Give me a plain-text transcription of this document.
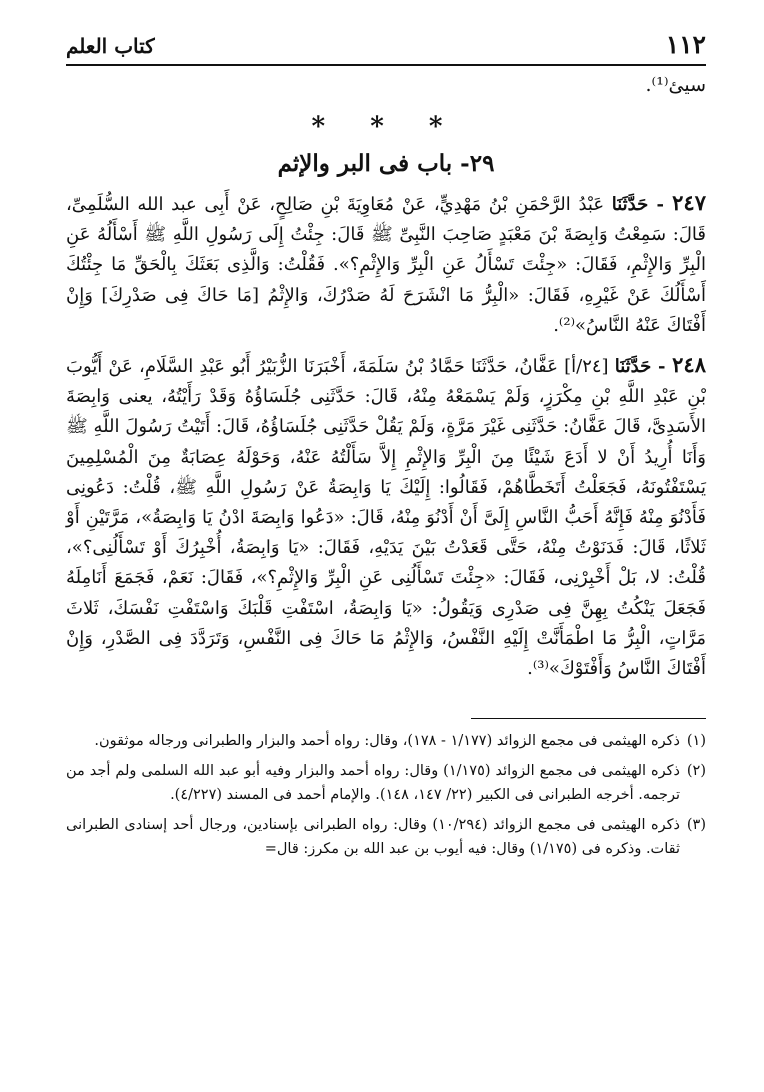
١١٢
كتاب العلم
سيئ⁽¹⁾.
* * *
٢٩- باب فى البر والإثم

٢٤٧ - حَدَّثَنَا عَبْدُ الرَّحْمَنِ بْنُ مَهْدِيٍّ، عَنْ مُعَاوِيَةَ بْنِ صَالِحٍ، عَنْ أَبِى عبد الله السُّلَمِىِّ، قَالَ: سَمِعْتُ وَابِصَةَ بْنَ مَعْبَدٍ صَاحِبَ النَّبِىِّ ﷺ قَالَ: جِئْتُ إِلَى رَسُولِ اللَّهِ ﷺ أَسْأَلُهُ عَنِ الْبِرِّ وَالإِثْمِ، فَقَالَ: «جِئْتَ تَسْأَلُ عَنِ الْبِرِّ وَالإِثْمِ؟». فَقُلْتُ: وَالَّذِى بَعَثَكَ بِالْحَقِّ مَا جِئْتُكَ أَسْأَلُكَ عَنْ غَيْرِهِ، فَقَالَ: «الْبِرُّ مَا انْشَرَحَ لَهُ صَدْرُكَ، وَالإِثْمُ [مَا حَاكَ فِى صَدْرِكَ] وَإِنْ أَفْتَاكَ عَنْهُ النَّاسُ»⁽²⁾.

٢٤٨ - حَدَّثَنَا [٢٤/أ] عَفَّانُ، حَدَّثَنَا حَمَّادُ بْنُ سَلَمَةَ، أَخْبَرَنَا الزُّبَيْرُ أَبُو عَبْدِ السَّلَامِ، عَنْ أَيُّوبَ بْنِ عَبْدِ اللَّهِ بْنِ مِكْرَزٍ، وَلَمْ يَسْمَعْهُ مِنْهُ، قَالَ: حَدَّثَنِى جُلَسَاؤُهُ وَقَدْ رَأَيْتُهُ، يعنى وَابِصَةَ الأَسَدِىَّ، قَالَ عَفَّانُ: حَدَّثَنِى غَيْرَ مَرَّةٍ، وَلَمْ يَقُلْ حَدَّثَنِى جُلَسَاؤُهُ، قَالَ: أَتَيْتُ رَسُولَ اللَّهِ ﷺ وَأَنَا أُرِيدُ أَنْ لا أَدَعَ شَيْئًا مِنَ الْبِرِّ وَالإِثْمِ إِلاَّ سَأَلْتُهُ عَنْهُ، وَحَوْلَهُ عِصَابَةٌ مِنَ الْمُسْلِمِينَ يَسْتَفْتُونَهُ، فَجَعَلْتُ أَتَخَطَّاهُمْ، فَقَالُوا: إِلَيْكَ يَا وَابِصَةُ عَنْ رَسُولِ اللَّهِ ﷺ، قُلْتُ: دَعُونِى فَأَدْنُوَ مِنْهُ فَإِنَّهُ أَحَبُّ النَّاسِ إِلَىَّ أَنْ أَدْنُوَ مِنْهُ، قَالَ: «دَعُوا وَابِصَةَ ادْنُ يَا وَابِصَةُ»، مَرَّتَيْنِ أَوْ ثَلاثًا، قَالَ: فَدَنَوْتُ مِنْهُ، حَتَّى قَعَدْتُ بَيْنَ يَدَيْهِ، فَقَالَ: «يَا وَابِصَةُ، أُخْبِرُكَ أَوْ تَسْأَلُنِى؟»، قُلْتُ: لا، بَلْ أَخْبِرْنِى، فَقَالَ: «جِئْتَ تَسْأَلُنِى عَنِ الْبِرِّ وَالإِثْمِ؟»، فَقَالَ: نَعَمْ، فَجَمَعَ أَنَامِلَهُ فَجَعَلَ يَنْكُتُ بِهِنَّ فِى صَدْرِى وَيَقُولُ: «يَا وَابِصَةُ، اسْتَفْتِ قَلْبَكَ وَاسْتَفْتِ نَفْسَكَ، ثَلاثَ مَرَّاتٍ، الْبِرُّ مَا اطْمَأَنَّتْ إِلَيْهِ النَّفْسُ، وَالإِثْمُ مَا حَاكَ فِى النَّفْسِ، وَتَرَدَّدَ فِى الصَّدْرِ، وَإِنْ أَفْتَاكَ النَّاسُ وَأَفْتَوْكَ»⁽³⁾.

(١)
ذكره الهيثمى فى مجمع الزوائد (١/١٧٧ - ١٧٨)، وقال: رواه أحمد والبزار والطبرانى ورجاله موثقون.

(٢)
ذكره الهيثمى فى مجمع الزوائد (١/١٧٥) وقال: رواه أحمد والبزار وفيه أبو عبد الله السلمى ولم أجد من ترجمه. أخرجه الطبرانى فى الكبير (٢٢/ ١٤٧، ١٤٨). والإمام أحمد فى المسند (٤/٢٢٧).

(٣)
ذكره الهيثمى فى مجمع الزوائد (١٠/٢٩٤) وقال: رواه الطبرانى بإسنادين، ورجال أحد إسنادى الطبرانى ثقات. وذكره فى (١/١٧٥) وقال: فيه أيوب بن عبد الله بن مكرز: قال=
